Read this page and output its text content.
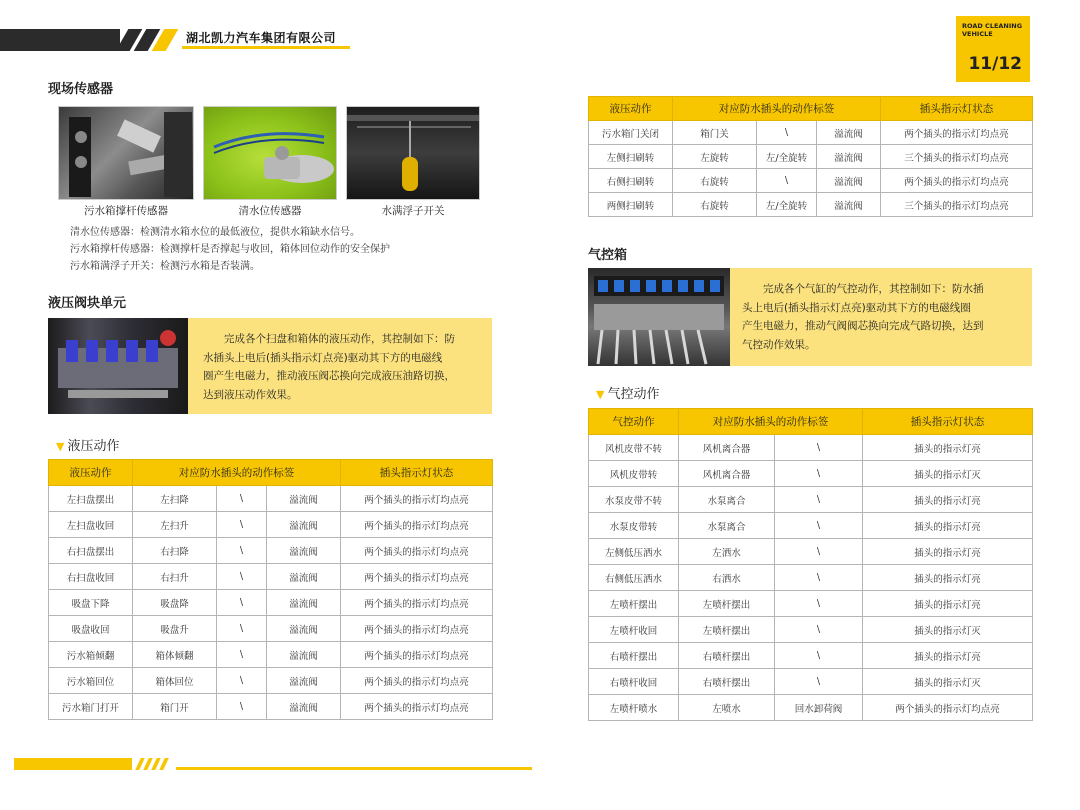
湖北凯力汽车集团有限公司
ROAD CLEANING
VEHICLE
11/12
现场传感器
污水箱撑杆传感器	清水位传感器	水满浮子开关
清水位传感器：检测清水箱水位的最低液位，提供水箱缺水信号。
污水箱撑杆传感器：检测撑杆是否撑起与收回，箱体回位动作的安全保护
污水箱满浮子开关：检测污水箱是否装满。
液压阀块单元
完成各个扫盘和箱体的液压动作，其控制如下：防
水插头上电后(插头指示灯点亮)驱动其下方的电磁线
圈产生电磁力，推动液压阀芯换向完成液压油路切换，
达到液压动作效果。
▼ 液压动作
液压动作	对应防水插头的动作标签			插头指示灯状态
左扫盘摆出	左扫降	\	溢流阀	两个插头的指示灯均点亮
左扫盘收回	左扫升	\	溢流阀	两个插头的指示灯均点亮
右扫盘摆出	右扫降	\	溢流阀	两个插头的指示灯均点亮
右扫盘收回	右扫升	\	溢流阀	两个插头的指示灯均点亮
吸盘下降	吸盘降	\	溢流阀	两个插头的指示灯均点亮
吸盘收回	吸盘升	\	溢流阀	两个插头的指示灯均点亮
污水箱倾翻	箱体倾翻	\	溢流阀	两个插头的指示灯均点亮
污水箱回位	箱体回位	\	溢流阀	两个插头的指示灯均点亮
污水箱门打开	箱门开	\	溢流阀	两个插头的指示灯均点亮
液压动作	对应防水插头的动作标签			插头指示灯状态
污水箱门关闭	箱门关	\	溢流阀	两个插头的指示灯均点亮
左侧扫刷转	左旋转	左/全旋转	溢流阀	三个插头的指示灯均点亮
右侧扫刷转	右旋转	\	溢流阀	两个插头的指示灯均点亮
两侧扫刷转	右旋转	左/全旋转	溢流阀	三个插头的指示灯均点亮
气控箱
完成各个气缸的气控动作，其控制如下：防水插
头上电后(插头指示灯点亮)驱动其下方的电磁线圈
产生电磁力，推动气阀阀芯换向完成气路切换，达到
气控动作效果。
▼ 气控动作
气控动作	对应防水插头的动作标签		插头指示灯状态
风机皮带不转	风机离合器	\	插头的指示灯亮
风机皮带转	风机离合器	\	插头的指示灯灭
水泵皮带不转	水泵离合	\	插头的指示灯亮
水泵皮带转	水泵离合	\	插头的指示灯亮
左侧低压洒水	左洒水	\	插头的指示灯亮
右侧低压洒水	右洒水	\	插头的指示灯亮
左喷杆摆出	左喷杆摆出	\	插头的指示灯亮
左喷杆收回	左喷杆摆出	\	插头的指示灯灭
右喷杆摆出	右喷杆摆出	\	插头的指示灯亮
右喷杆收回	右喷杆摆出	\	插头的指示灯灭
左喷杆喷水	左喷水	回水卸荷阀	两个插头的指示灯均点亮
